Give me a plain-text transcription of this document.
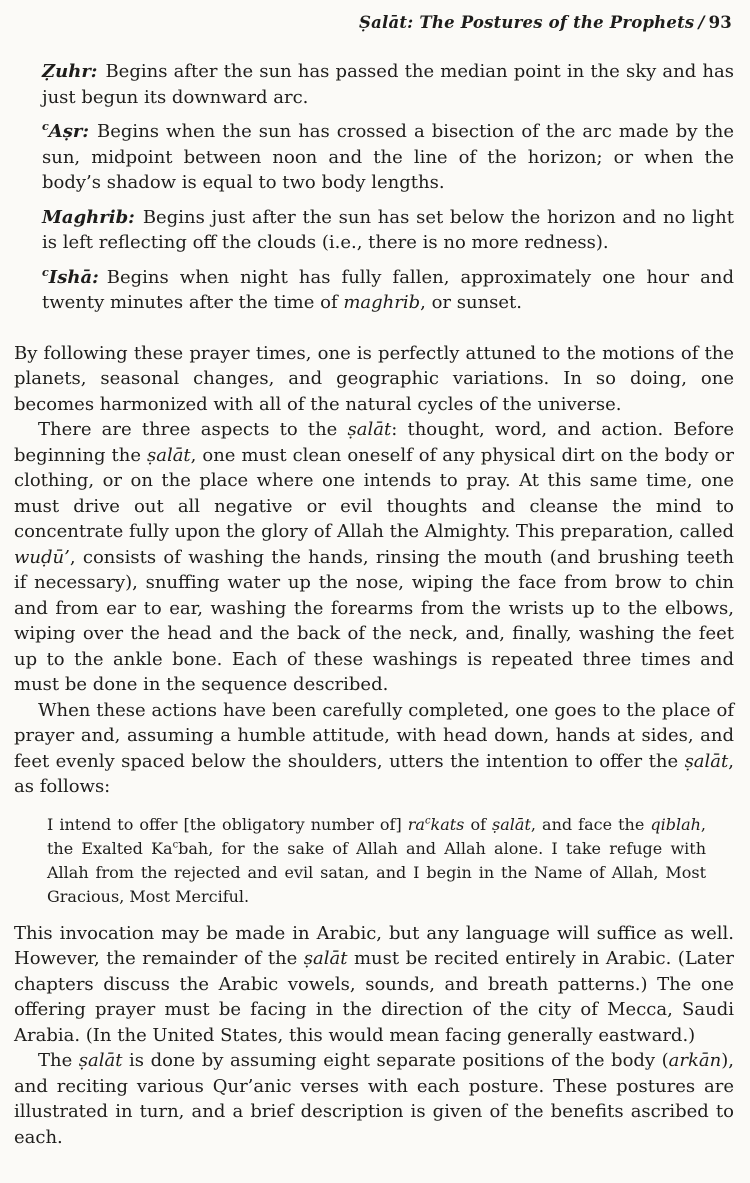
Ṣalāt: The Postures of the Prophets / 93

Ẓuhr: Begins after the sun has passed the median point in the sky and has just begun its downward arc.

$^c$Aṣr: Begins when the sun has crossed a bisection of the arc made by the sun, midpoint between noon and the line of the horizon; or when the body’s shadow is equal to two body lengths.

Maghrib: Begins just after the sun has set below the horizon and no light is left reflecting off the clouds (i.e., there is no more redness).

$^c$Ishā: Begins when night has fully fallen, approximately one hour and twenty minutes after the time of maghrib, or sunset.

By following these prayer times, one is perfectly attuned to the motions of the planets, seasonal changes, and geographic variations. In so doing, one becomes harmonized with all of the natural cycles of the universe.

There are three aspects to the ṣalāt: thought, word, and action. Before beginning the ṣalāt, one must clean oneself of any physical dirt on the body or clothing, or on the place where one intends to pray. At this same time, one must drive out all negative or evil thoughts and cleanse the mind to concentrate fully upon the glory of Allah the Almighty. This preparation, called wuḍū’, consists of washing the hands, rinsing the mouth (and brushing teeth if necessary), snuffing water up the nose, wiping the face from brow to chin and from ear to ear, washing the forearms from the wrists up to the elbows, wiping over the head and the back of the neck, and, finally, washing the feet up to the ankle bone. Each of these washings is repeated three times and must be done in the sequence described.

When these actions have been carefully completed, one goes to the place of prayer and, assuming a humble attitude, with head down, hands at sides, and feet evenly spaced below the shoulders, utters the intention to offer the ṣalāt, as follows:

I intend to offer [the obligatory number of] $ra^ckats$ of ṣalāt, and face the qiblah, the Exalted Ka$^c$bah, for the sake of Allah and Allah alone. I take refuge with Allah from the rejected and evil satan, and I begin in the Name of Allah, Most Gracious, Most Merciful.

This invocation may be made in Arabic, but any language will suffice as well. However, the remainder of the ṣalāt must be recited entirely in Arabic. (Later chapters discuss the Arabic vowels, sounds, and breath patterns.) The one offering prayer must be facing in the direction of the city of Mecca, Saudi Arabia. (In the United States, this would mean facing generally eastward.)

The ṣalāt is done by assuming eight separate positions of the body (arkān), and reciting various Qur’anic verses with each posture. These postures are illustrated in turn, and a brief description is given of the benefits ascribed to each.
